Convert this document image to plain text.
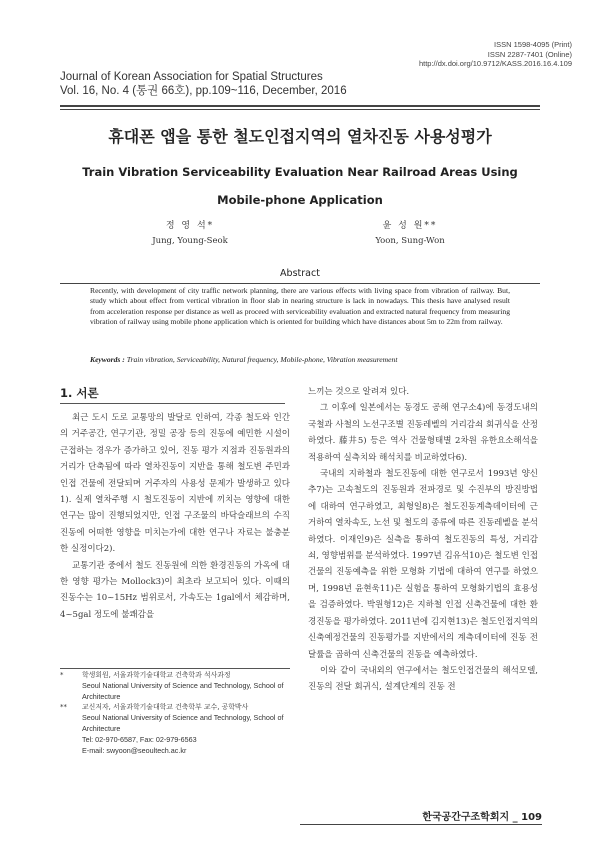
ISSN 1598-4095 (Print)
ISSN 2287-7401 (Online)
http://dx.doi.org/10.9712/KASS.2016.16.4.109
Journal of Korean Association for Spatial Structures
Vol. 16, No. 4 (통권 66호), pp.109~116, December, 2016
휴대폰 앱을 통한 철도인접지역의 열차진동 사용성평가
Train Vibration Serviceability Evaluation Near Railroad Areas Using
Mobile-phone Application
정 영 석*
Jung, Young-Seok
윤 성 원**
Yoon, Sung-Won
Abstract
Recently, with development of city traffic network planning, there are various effects with living space from vibration of railway. But, study which about effect from vertical vibration in floor slab in nearing structure is lack in nowadays. This thesis have analysed result from acceleration response per distance as well as proceed with serviceability evaluation and extracted natural frequency from measuring vibration of railway using mobile phone application which is oriented for building which have distances about 5m to 22m from railway.
Keywords : Train vibration, Serviceability, Natural frequency, Mobile-phone, Vibration measurement
1. 서론

최근 도시 도로 교통망의 발달로 인하여, 각종 철도와 인간의 거주공간, 연구기관, 정밀 공장 등의 진동에 예민한 시설이 근접하는 경우가 증가하고 있어, 진동 평가 지점과 진동원과의 거리가 단축됨에 따라 열차진동이 지반을 통해 철도변 주민과 인접 건물에 전달되며 거주자의 사용성 문제가 발생하고 있다1). 실제 열차주행 시 철도진동이 지반에 끼치는 영향에 대한 연구는 많이 진행되었지만, 인접 구조물의 바닥슬래브의 수직진동에 어떠한 영향을 미치는가에 대한 연구나 자료는 불충분한 실정이다2).

교통기관 중에서 철도 진동원에 의한 환경진동의 가옥에 대한 영향 평가는 Mollock3)이 최초라 보고되어 있다. 이때의 진동수는 10~15Hz 범위로서, 가속도는 1gal에서 체감하며, 4~5gal 정도에 불쾌감을

느끼는 것으로 알려져 있다.

그 이후에 일본에서는 동경도 공해 연구소4)에 동경도내의 국철과 사철의 노선구조별 진동레벨의 거리감쇠 회귀식을 산정하였다. 藤井5) 등은 역사 건물형태별 2차원 유한요소해석을 적용하여 실측치와 해석치를 비교하였다6).

국내의 지하철과 철도진동에 대한 연구로서 1993년 양신추7)는 고속철도의 진동원과 전파경로 및 수진부의 방진방법에 대하여 연구하였고, 최형일8)은 철도진동계측데이터에 근거하여 열차속도, 노선 및 철도의 종류에 따른 진동레벨을 분석하였다. 이재인9)은 실측을 통하여 철도진동의 특성, 거리감쇠, 영향범위를 분석하였다. 1997년 김유석10)은 철도변 인접건물의 진동예측을 위한 모형화 기법에 대하여 연구를 하였으며, 1998년 윤현욱11)은 실험을 통하여 모형화기법의 효용성을 검증하였다. 박원형12)은 지하철 인접 신축건물에 대한 환경진동을 평가하였다. 2011년에 김지현13)은 철도인접지역의 신축예정건물의 진동평가를 지반에서의 계측데이터에 진동 전달률을 곱하여 신축건물의 진동을 예측하였다.

이와 같이 국내외의 연구에서는 철도인접건물의 해석모델, 진동의 전달 회귀식, 설계단계의 진동 전

*	학생회원, 서울과학기술대학교 건축학과 석사과정
Seoul National University of Science and Technology, School of Architecture
**	교신저자, 서울과학기술대학교 건축학부 교수, 공학박사
Seoul National University of Science and Technology, School of Architecture
Tel: 02-970-6587, Fax: 02-979-6563
E-mail: swyoon@seoultech.ac.kr
한국공간구조학회지 _ 109
